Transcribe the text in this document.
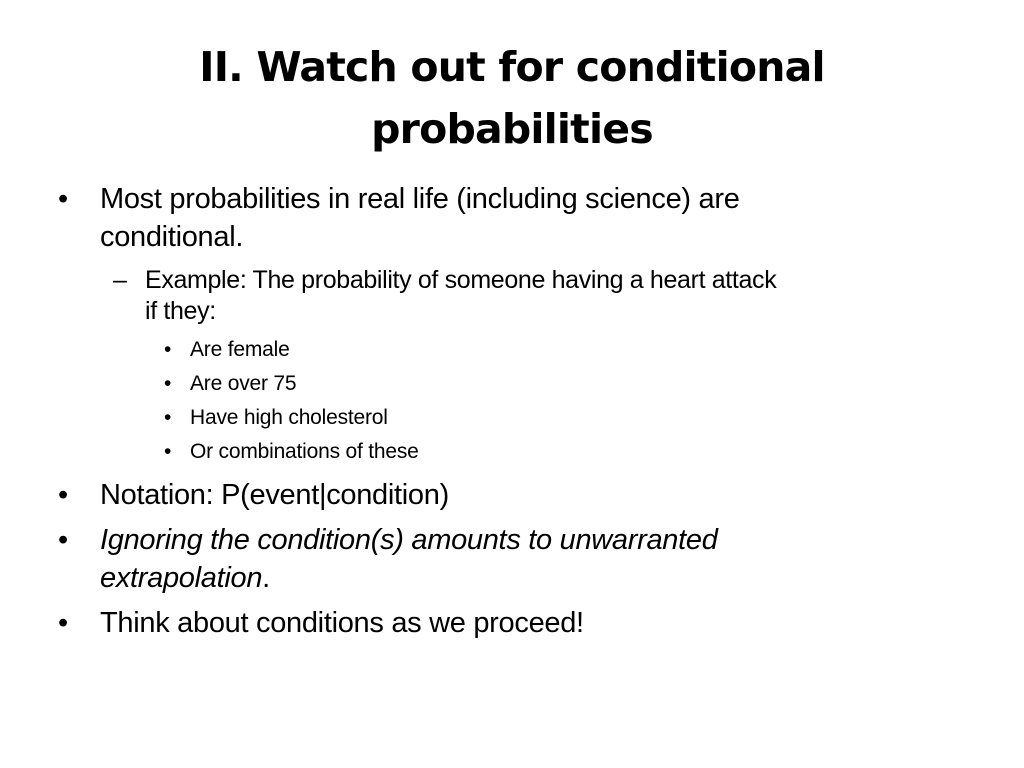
II. Watch out for conditional probabilities
• Most probabilities in real life (including science) are
conditional.
– Example: The probability of someone having a heart attack
if they:
• Are female
• Are over 75
• Have high cholesterol
• Or combinations of these
• Notation: P(event|condition)
• Ignoring the condition(s) amounts to unwarranted
extrapolation.
• Think about conditions as we proceed!
